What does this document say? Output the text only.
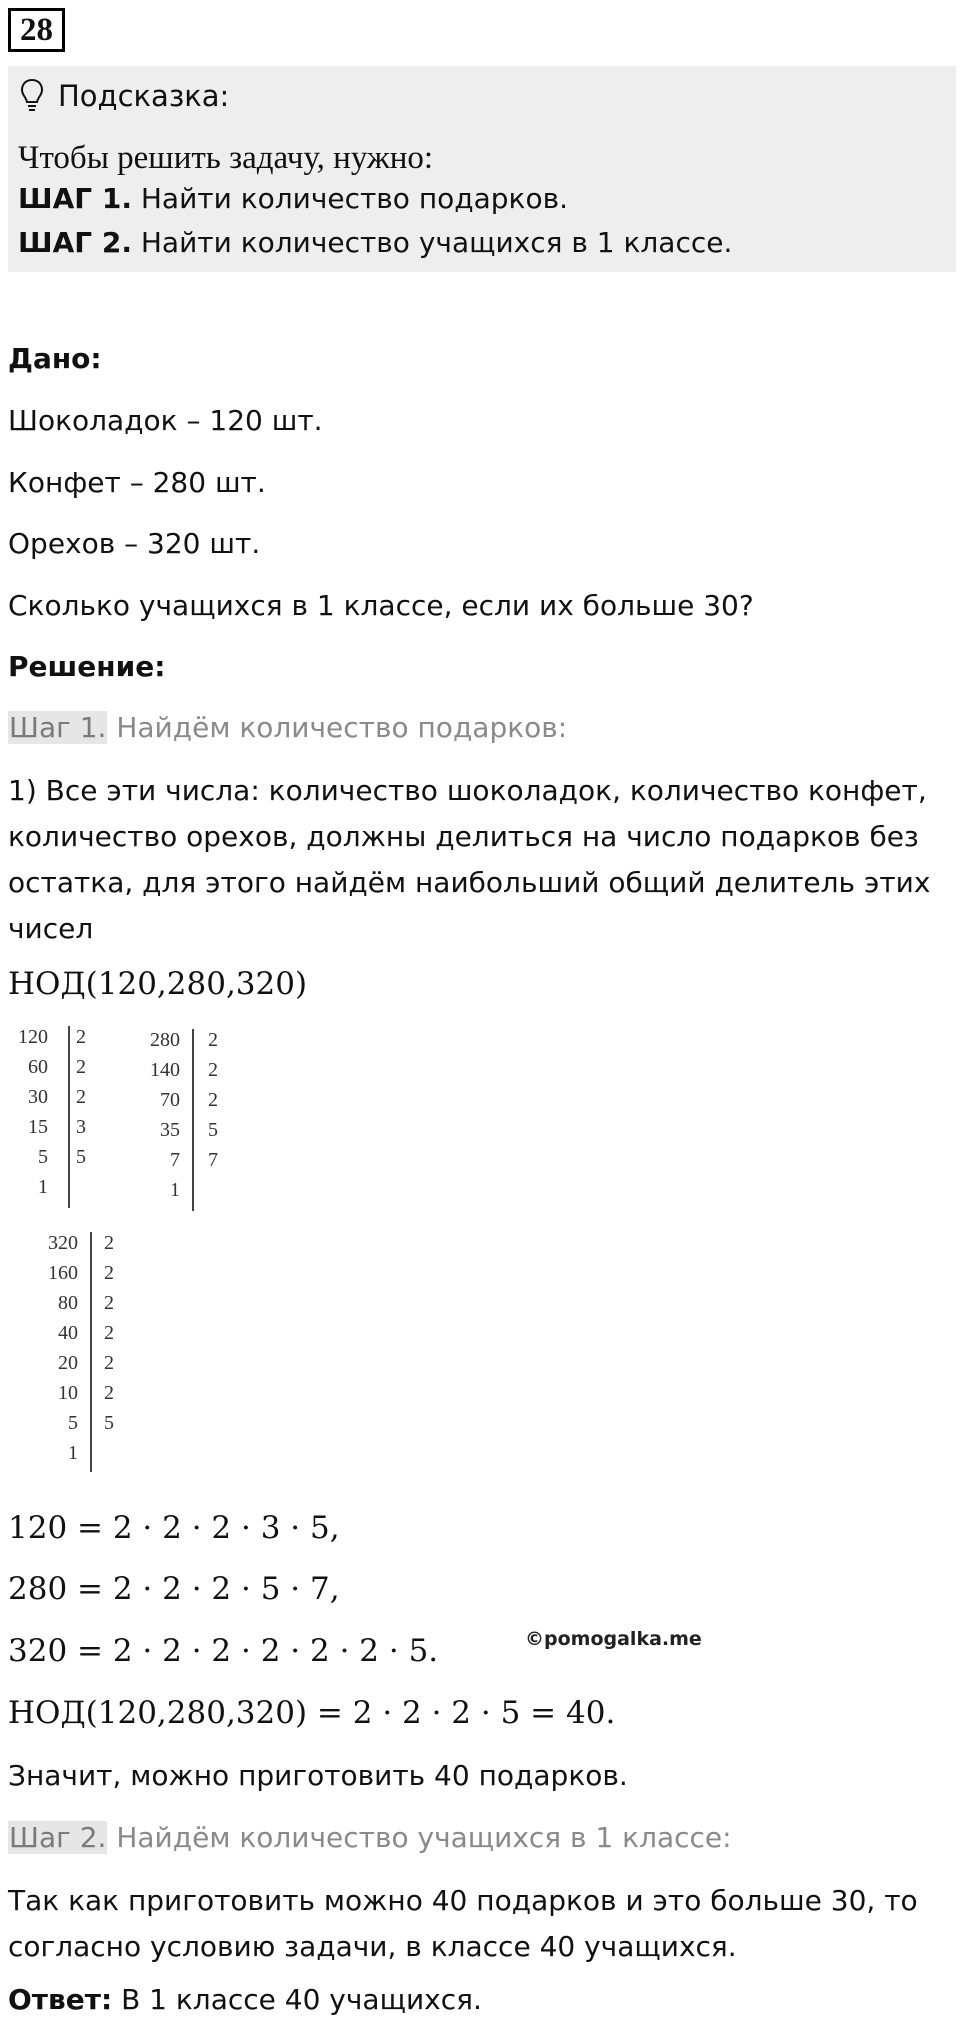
28
Подсказка:
Чтобы решить задачу, нужно:
ШАГ 1. Найти количество подарков.
ШАГ 2. Найти количество учащихся в 1 классе.
Дано:
Шоколадок – 120 шт.
Конфет – 280 шт.
Орехов – 320 шт.
Сколько учащихся в 1 классе, если их больше 30?
Решение:
Шаг 1. Найдём количество подарков:
1) Все эти числа: количество шоколадок, количество конфет, количество орехов, должны делиться на число подарков без остатка, для этого найдём наибольший общий делитель этих чисел
НОД(120,280,320)
120 2
60 2
30 2
15 3
5 5
1
280 2
140 2
70 2
35 5
7 7
1
320 2
160 2
80 2
40 2
20 2
10 2
5 5
1
120 = 2 · 2 · 2 · 3 · 5,
280 = 2 · 2 · 2 · 5 · 7,
320 = 2 · 2 · 2 · 2 · 2 · 2 · 5.
НОД(120,280,320) = 2 · 2 · 2 · 5 = 40.
©pomogalka.me
Значит, можно приготовить 40 подарков.
Шаг 2. Найдём количество учащихся в 1 классе:
Так как приготовить можно 40 подарков и это больше 30, то согласно условию задачи, в классе 40 учащихся.
Ответ: В 1 классе 40 учащихся.
